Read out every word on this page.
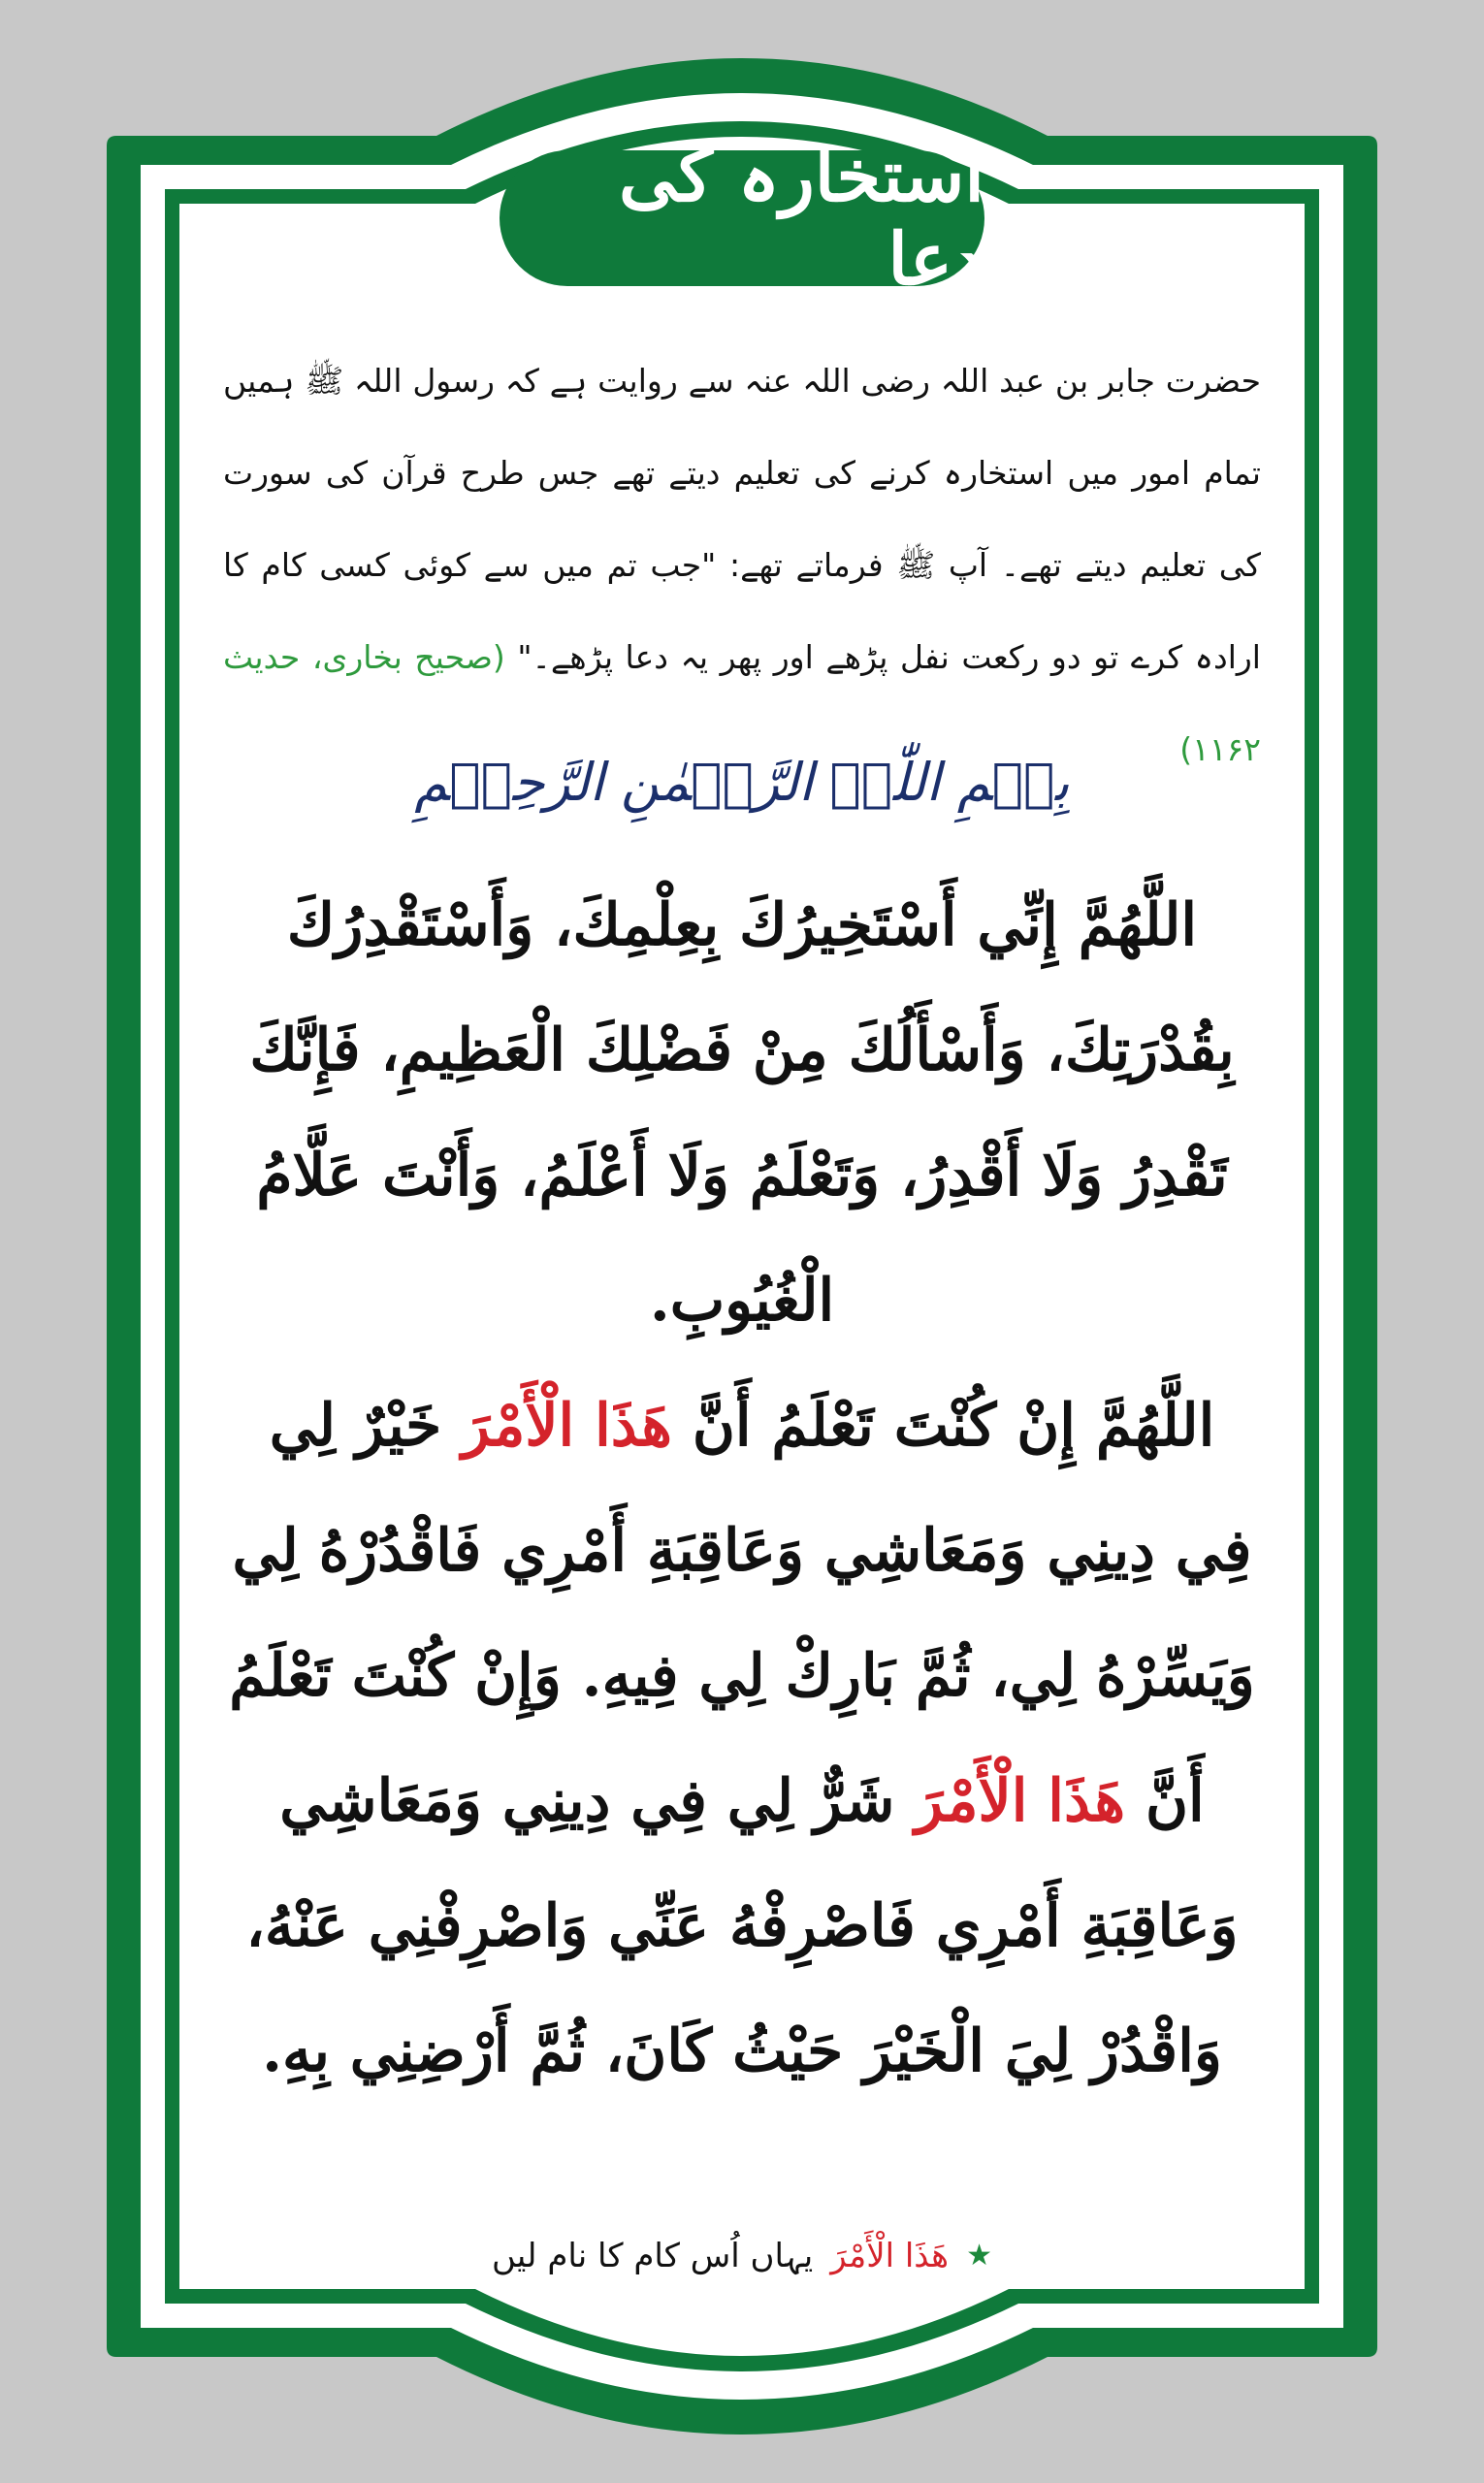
استخارہ کی دعا
حضرت جابر بن عبد اللہ رضی اللہ عنہ سے روایت ہے کہ رسول اللہ ﷺ ہمیں تمام امور میں استخارہ کرنے کی تعلیم دیتے تھے جس طرح قرآن کی سورت کی تعلیم دیتے تھے۔ آپ ﷺ فرماتے تھے: "جب تم میں سے کوئی کسی کام کا ارادہ کرے تو دو رکعت نفل پڑھے اور پھر یہ دعا پڑھے۔" (صحیح بخاری، حدیث ۱۱۶۲)
بِسۡمِ اللّٰہِ الرَّحۡمٰنِ الرَّحِیۡمِ

اللَّهُمَّ إِنِّي أَسْتَخِيرُكَ بِعِلْمِكَ، وَأَسْتَقْدِرُكَ بِقُدْرَتِكَ، وَأَسْأَلُكَ مِنْ فَضْلِكَ الْعَظِيمِ، فَإِنَّكَ تَقْدِرُ وَلَا أَقْدِرُ، وَتَعْلَمُ وَلَا أَعْلَمُ، وَأَنْتَ عَلَّامُ الْغُيُوبِ.

اللَّهُمَّ إِنْ كُنْتَ تَعْلَمُ أَنَّ هَذَا الْأَمْرَ خَيْرٌ لِي فِي دِينِي وَمَعَاشِي وَعَاقِبَةِ أَمْرِي فَاقْدُرْهُ لِي وَيَسِّرْهُ لِي، ثُمَّ بَارِكْ لِي فِيهِ. وَإِنْ كُنْتَ تَعْلَمُ أَنَّ هَذَا الْأَمْرَ شَرٌّ لِي فِي دِينِي وَمَعَاشِي وَعَاقِبَةِ أَمْرِي فَاصْرِفْهُ عَنِّي وَاصْرِفْنِي عَنْهُ، وَاقْدُرْ لِيَ الْخَيْرَ حَيْثُ كَانَ، ثُمَّ أَرْضِنِي بِهِ.

★
هَذَا الْأَمْرَ
یہاں اُس کام کا نام لیں
